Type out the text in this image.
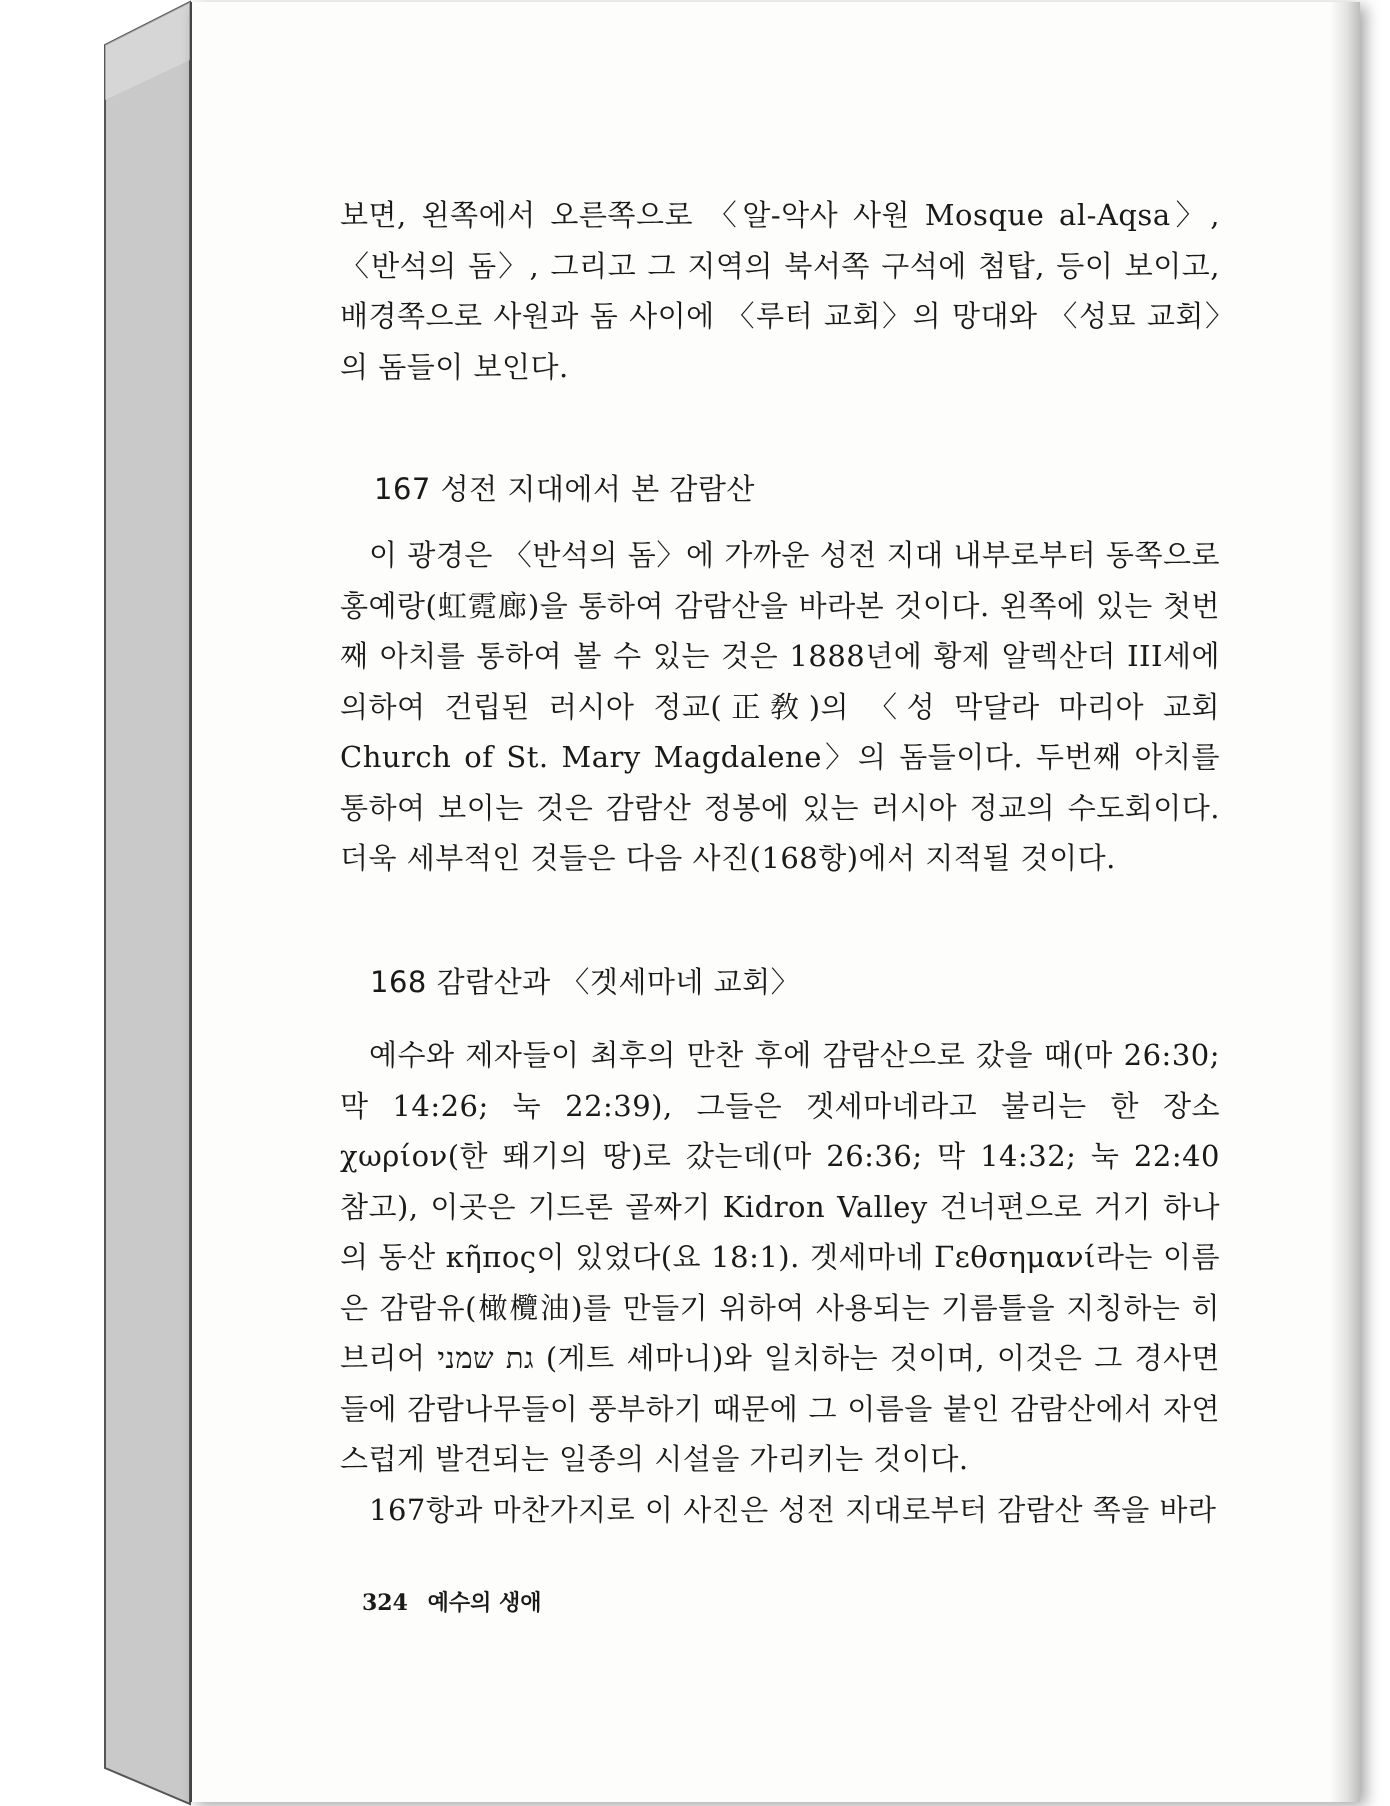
보면, 왼쪽에서 오른쪽으로 〈알-악사 사원 Mosque al-Aqsa〉, 〈반석의 돔〉, 그리고 그 지역의 북서쪽 구석에 첨탑, 등이 보이고, 배경쪽으로 사원과 돔 사이에 〈루터 교회〉의 망대와 〈성묘 교회〉의 돔들이 보인다.

167 성전 지대에서 본 감람산

이 광경은 〈반석의 돔〉에 가까운 성전 지대 내부로부터 동쪽으로 홍예랑(虹霓廊)을 통하여 감람산을 바라본 것이다. 왼쪽에 있는 첫번째 아치를 통하여 볼 수 있는 것은 1888년에 황제 알렉산더 III세에 의하여 건립된 러시아 정교(正敎)의 〈성 막달라 마리아 교회 Church of St. Mary Magdalene〉의 돔들이다. 두번째 아치를 통하여 보이는 것은 감람산 정봉에 있는 러시아 정교의 수도회이다. 더욱 세부적인 것들은 다음 사진(168항)에서 지적될 것이다.

168 감람산과 〈겟세마네 교회〉

예수와 제자들이 최후의 만찬 후에 감람산으로 갔을 때(마 26:30; 막 14:26; 눅 22:39), 그들은 겟세마네라고 불리는 한 장소 χωρίον(한 뙈기의 땅)로 갔는데(마 26:36; 막 14:32; 눅 22:40 참고), 이곳은 기드론 골짜기 Kidron Valley 건너편으로 거기 하나의 동산 κῆπος이 있었다(요 18:1). 겟세마네 Γεθσημανί라는 이름은 감람유(橄欖油)를 만들기 위하여 사용되는 기름틀을 지칭하는 히브리어 גת שמני (게트 셰마니)와 일치하는 것이며, 이것은 그 경사면들에 감람나무들이 풍부하기 때문에 그 이름을 붙인 감람산에서 자연스럽게 발견되는 일종의 시설을 가리키는 것이다.

167항과 마찬가지로 이 사진은 성전 지대로부터 감람산 쪽을 바라

324 예수의 생애
